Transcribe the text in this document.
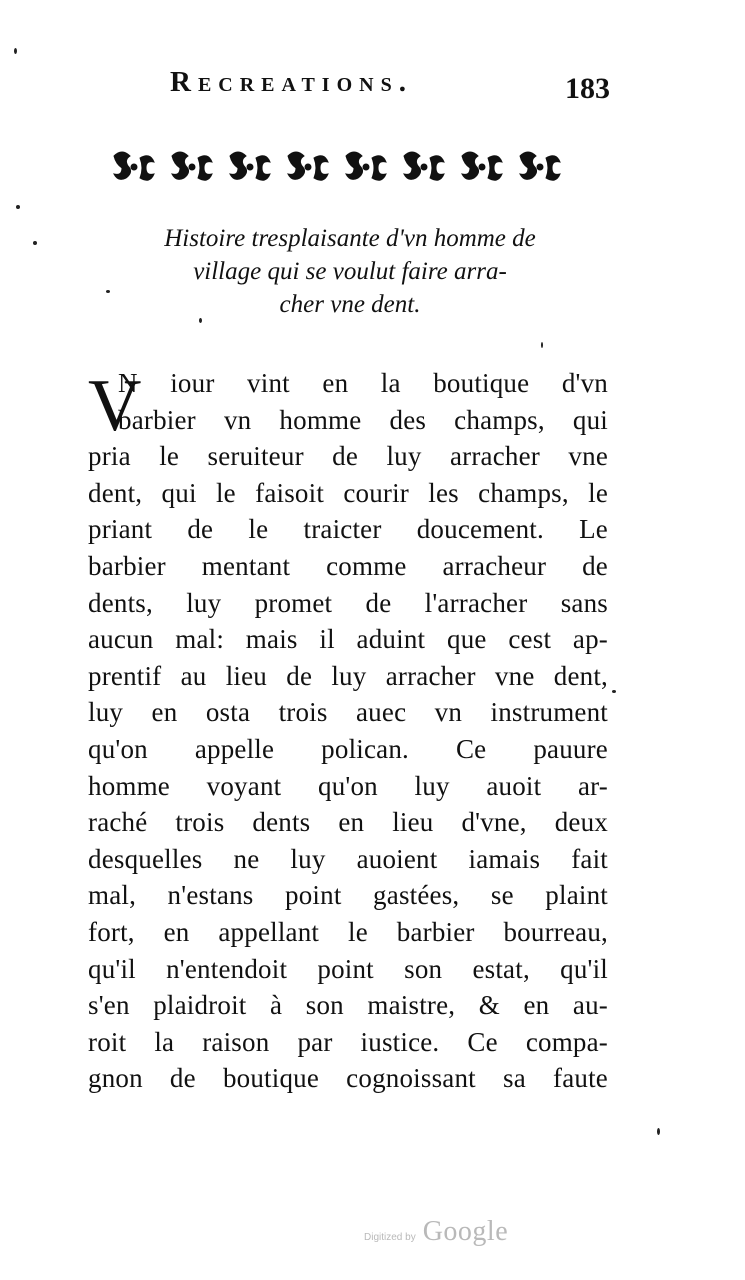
Recreations.	183
Histoire tresplaisante d'vn homme de
village qui se voulut faire arra-
cher vne dent.
V
N iour vint en la boutique d'vn
barbier vn homme des champs, qui
pria le seruiteur de luy arracher vne
dent, qui le faisoit courir les champs, le
priant de le traicter doucement. Le
barbier mentant comme arracheur de
dents, luy promet de l'arracher sans
aucun mal: mais il aduint que cest ap-
prentif au lieu de luy arracher vne dent,
luy en osta trois auec vn instrument
qu'on appelle polican. Ce pauure
homme voyant qu'on luy auoit ar-
raché trois dents en lieu d'vne, deux
desquelles ne luy auoient iamais fait
mal, n'estans point gastées, se plaint
fort, en appellant le barbier bourreau,
qu'il n'entendoit point son estat, qu'il
s'en plaidroit à son maistre, & en au-
roit la raison par iustice. Ce compa-
gnon de boutique cognoissant sa faute
Digitized by Google
